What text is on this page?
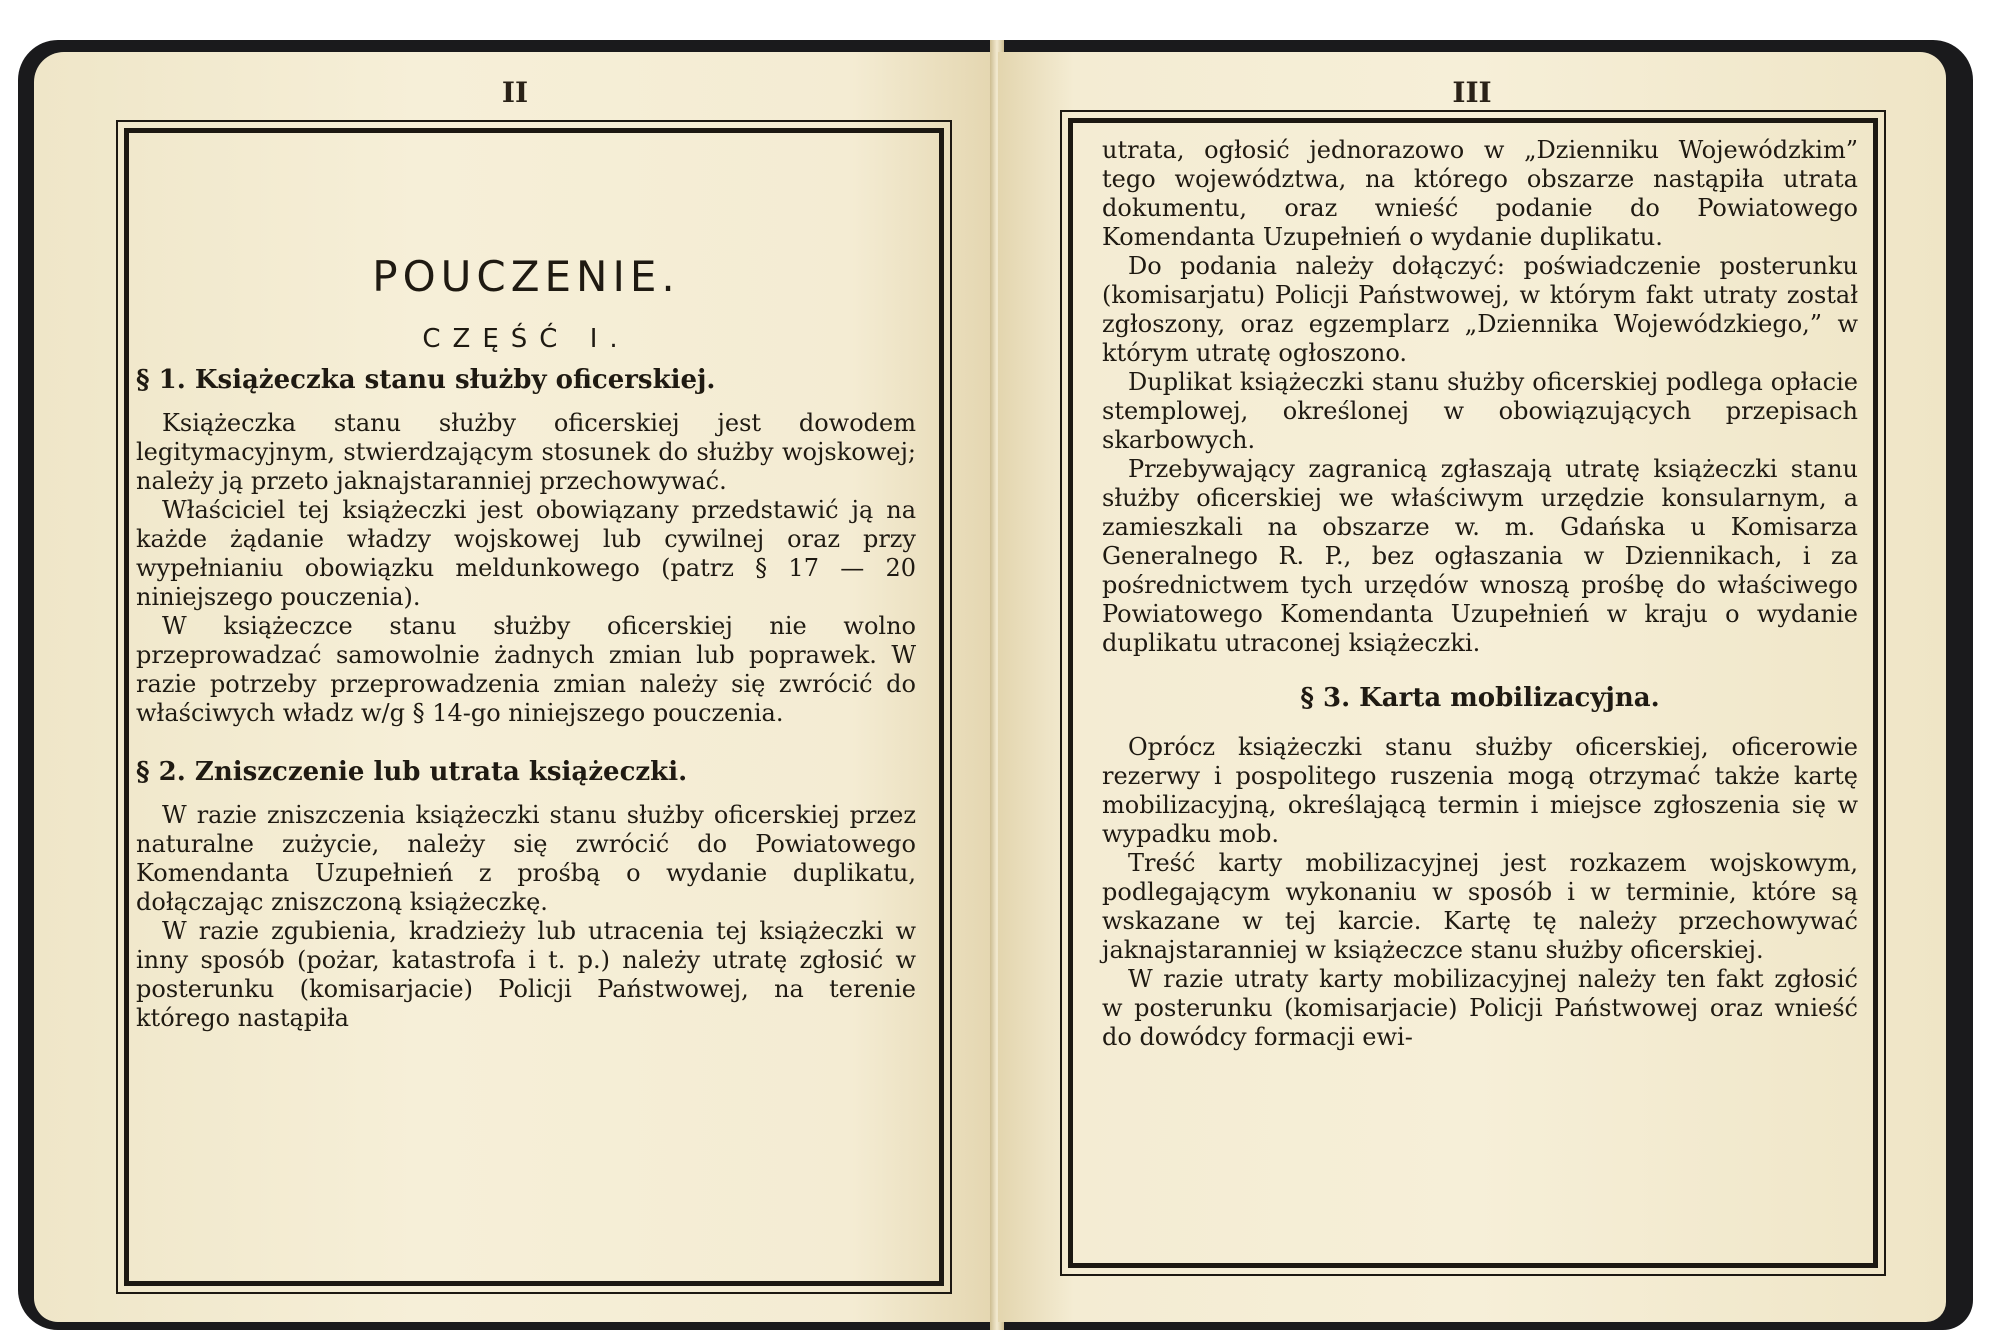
II
POUCZENIE.
CZĘŚĆ I.
§ 1. Książeczka stanu służby oficerskiej.

Książeczka stanu służby oficerskiej jest dowodem legitymacyjnym, stwierdzającym stosunek do służby wojskowej; należy ją przeto jaknajstaranniej przechowywać.

Właściciel tej książeczki jest obowiązany przedstawić ją na każde żądanie władzy wojskowej lub cywilnej oraz przy wypełnianiu obowiązku meldunkowego (patrz § 17 — 20 niniejszego pouczenia).

W książeczce stanu służby oficerskiej nie wolno przeprowadzać samowolnie żadnych zmian lub poprawek. W razie potrzeby przeprowadzenia zmian należy się zwrócić do właściwych władz w/g § 14-go niniejszego pouczenia.

§ 2. Zniszczenie lub utrata książeczki.

W razie zniszczenia książeczki stanu służby oficerskiej przez naturalne zużycie, należy się zwrócić do Powiatowego Komendanta Uzupełnień z prośbą o wydanie duplikatu, dołączając zniszczoną książeczkę.

W razie zgubienia, kradzieży lub utracenia tej książeczki w inny sposób (pożar, katastrofa i t. p.) należy utratę zgłosić w posterunku (komisarjacie) Policji Państwowej, na terenie którego nastąpiła

III

utrata, ogłosić jednorazowo w „Dzienniku Wojewódzkim” tego województwa, na którego obszarze nastąpiła utrata dokumentu, oraz wnieść podanie do Powiatowego Komendanta Uzupełnień o wydanie duplikatu.

Do podania należy dołączyć: poświadczenie posterunku (komisarjatu) Policji Państwowej, w którym fakt utraty został zgłoszony, oraz egzemplarz „Dziennika Wojewódzkiego,” w którym utratę ogłoszono.

Duplikat książeczki stanu służby oficerskiej podlega opłacie stemplowej, określonej w obowiązujących przepisach skarbowych.

Przebywający zagranicą zgłaszają utratę książeczki stanu służby oficerskiej we właściwym urzędzie konsularnym, a zamieszkali na obszarze w. m. Gdańska u Komisarza Generalnego R. P., bez ogłaszania w Dziennikach, i za pośrednictwem tych urzędów wnoszą prośbę do właściwego Powiatowego Komendanta Uzupełnień w kraju o wydanie duplikatu utraconej książeczki.

§ 3. Karta mobilizacyjna.

Oprócz książeczki stanu służby oficerskiej, oficerowie rezerwy i pospolitego ruszenia mogą otrzymać także kartę mobilizacyjną, określającą termin i miejsce zgłoszenia się w wypadku mob.

Treść karty mobilizacyjnej jest rozkazem wojskowym, podlegającym wykonaniu w sposób i w terminie, które są wskazane w tej karcie. Kartę tę należy przechowywać jaknajstaranniej w książeczce stanu służby oficerskiej.

W razie utraty karty mobilizacyjnej należy ten fakt zgłosić w posterunku (komisarjacie) Policji Państwowej oraz wnieść do dowódcy formacji ewi-
